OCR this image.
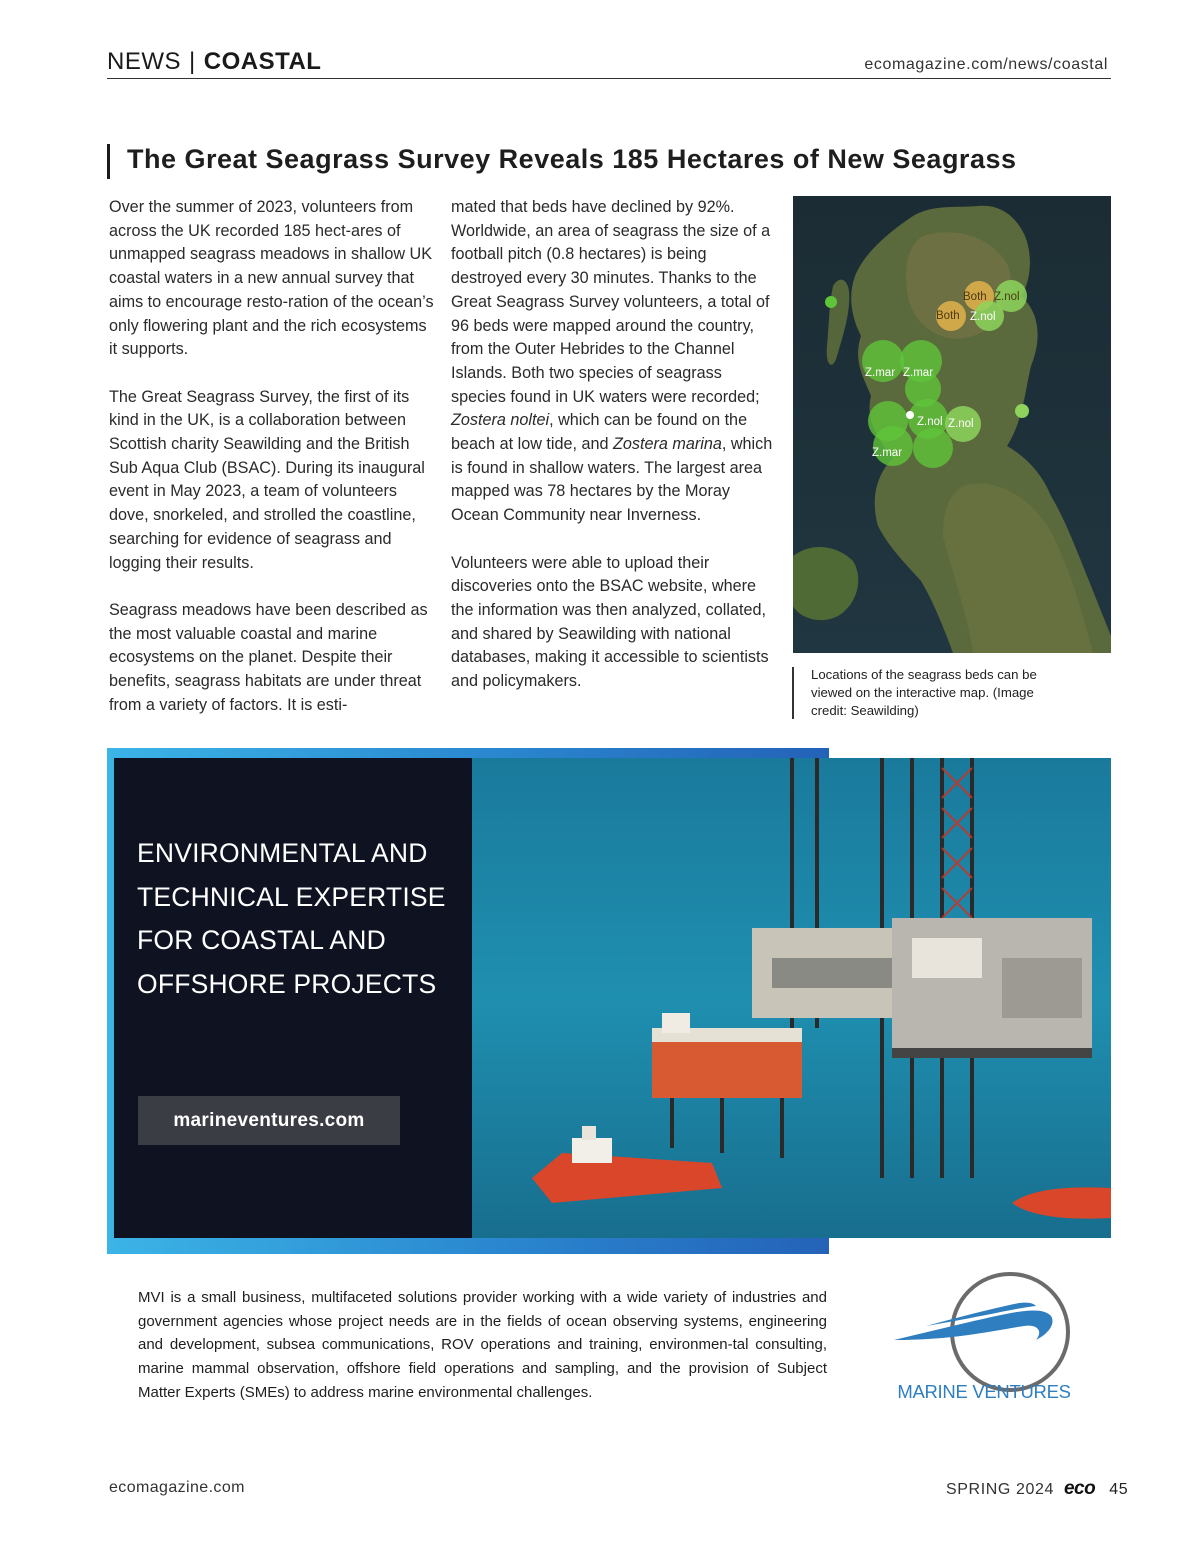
NEWS | COASTAL	ecomagazine.com/news/coastal
The Great Seagrass Survey Reveals 185 Hectares of New Seagrass

Over the summer of 2023, volunteers from across the UK recorded 185 hect-ares of unmapped seagrass meadows in shallow UK coastal waters in a new annual survey that aims to encourage resto-ration of the ocean’s only flowering plant and the rich ecosystems it supports.

The Great Seagrass Survey, the first of its kind in the UK, is a collaboration between Scottish charity Seawilding and the British Sub Aqua Club (BSAC). During its inaugural event in May 2023, a team of volunteers dove, snorkeled, and strolled the coastline, searching for evidence of seagrass and logging their results.

Seagrass meadows have been described as the most valuable coastal and marine ecosystems on the planet. Despite their benefits, seagrass habitats are under threat from a variety of factors. It is esti-

mated that beds have declined by 92%. Worldwide, an area of seagrass the size of a football pitch (0.8 hectares) is being destroyed every 30 minutes. Thanks to the Great Seagrass Survey volunteers, a total of 96 beds were mapped around the country, from the Outer Hebrides to the Channel Islands. Both two species of seagrass species found in UK waters were recorded; Zostera noltei, which can be found on the beach at low tide, and Zostera marina, which is found in shallow waters. The largest area mapped was 78 hectares by the Moray Ocean Community near Inverness.

Volunteers were able to upload their discoveries onto the BSAC website, where the information was then analyzed, collated, and shared by Seawilding with national databases, making it accessible to scientists and policymakers.

Both Z.nol
Both Z.nol
Z.mar Z.mar
Z.nol Z.nol
Z.mar
Locations of the seagrass beds can be viewed on the interactive map. (Image credit: Seawilding)
ENVIRONMENTAL AND TECHNICAL EXPERTISE FOR COASTAL AND OFFSHORE PROJECTS
marineventures.com
MVI is a small business, multifaceted solutions provider working with a wide variety of industries and government agencies whose project needs are in the fields of ocean observing systems, engineering and development, subsea communications, ROV operations and training, environmen-tal consulting, marine mammal observation, offshore field operations and sampling, and the provision of Subject Matter Experts (SMEs) to address marine environmental challenges.	MARINE VENTURES
ecomagazine.com	SPRING 2024 eco 45
